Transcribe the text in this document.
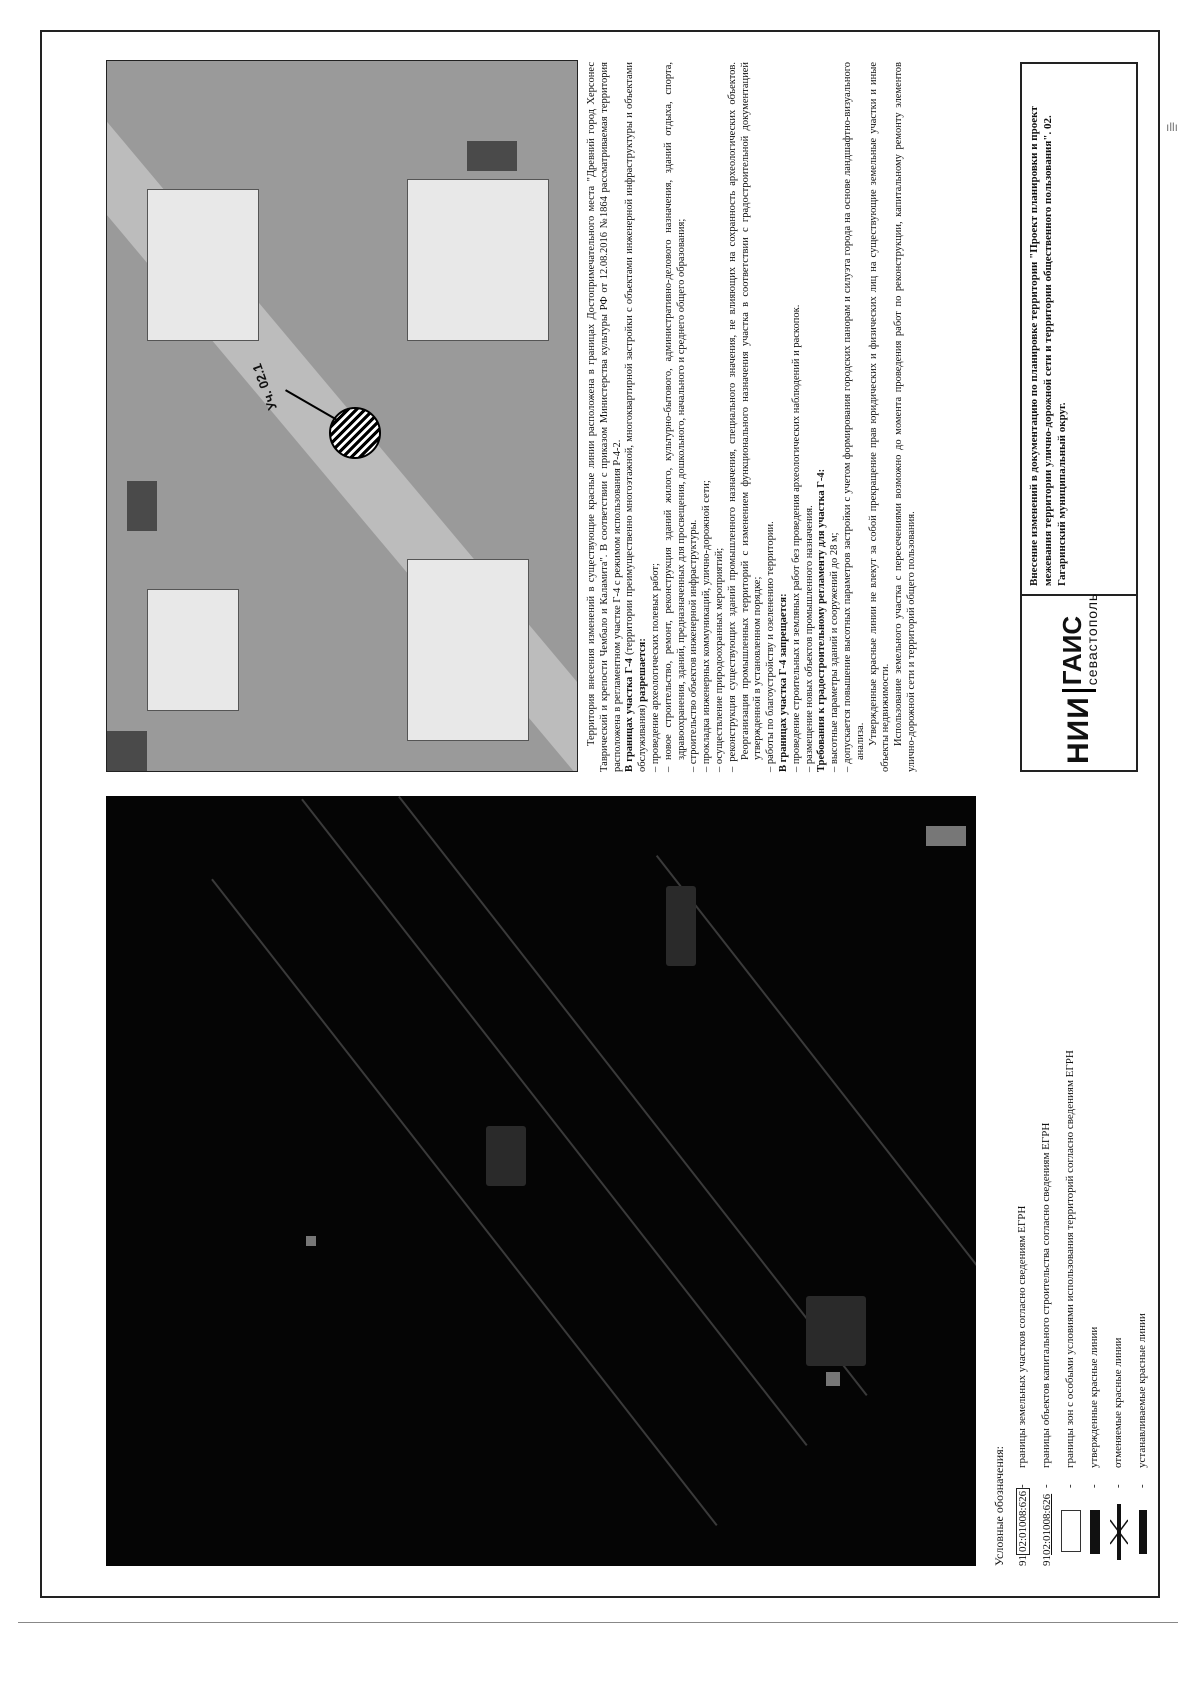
ıllı
Условные обозначения: 91
02:01008:626
-
границы земельных участков согласно сведениям ЕГРН
91
02:01008:626
-
границы объектов капитального строительства согласно сведениям ЕГРН
-
границы зон с особыми условиями использования территорий согласно сведениям ЕГРН
-
утвержденные красные линии
-
отменяемые красные линии
-
устанавливаемые красные линии
Уч. 02.1	Территория внесения изменений в существующие красные линии расположена в границах Достопримечательного места "Древний город Херсонес Таврический и крепости Чембало и Каламита". В соответствии с приказом Министерства культуры РФ от 12.08.2016 №1864 рассматриваемая территория расположена в регламентном участке Г-4 с режимом использования Р-4-2. В границах участка Г-4 (территории преимущественно многоэтажной, многоквартирной застройки с объектами инженерной инфраструктуры и объектами обслуживания) разрешается:

– проведение археологических полевых работ;

– новое строительство, ремонт, реконструкция зданий жилого, культурно-бытового, административно-делового назначения, зданий отдыха, спорта, здравоохранения, зданий, предназначенных для просвещения, дошкольного, начального и среднего общего образования;

– строительство объектов инженерной инфраструктуры.

– прокладка инженерных коммуникаций, улично-дорожной сети;

– осуществление природоохранных мероприятий;

– реконструкция существующих зданий промышленного назначения, специального значения, не влияющих на сохранность археологических объектов. Реорганизация промышленных территорий с изменением функционального назначения участка в соответствии с градостроительной документацией утвержденной в установленном порядке;

– работы по благоустройству и озеленению территории. В границах участка Г-4 запрещается: – проведение строительных и земляных работ без проведения археологических наблюдений и раскопок.

– размещение новых объектов промышленного назначения. Требования к градостроительному регламенту для участка Г-4: – высотные параметры зданий и сооружений до 28 м;

– допускается повышение высотных параметров застройки с учетом формирования городских панорам и силуэта города на основе ландшафтно-визуального анализа. Утвержденные красные линии не влекут за собой прекращение прав юридических и физических лиц на существующие земельные участки и иные объекты недвижимости. Использование земельного участка с пересечениями возможно до момента проведения работ по реконструкции, капитальному ремонту элементов улично-дорожной сети и территорий общего пользования.	НИИ
ГАИС
севастополь
Внесение изменений в документацию по планировке территории "Проект планировки и проект межевания территории улично-дорожной сети и территории общественного пользования". 02. Гагаринский муниципальный округ.
